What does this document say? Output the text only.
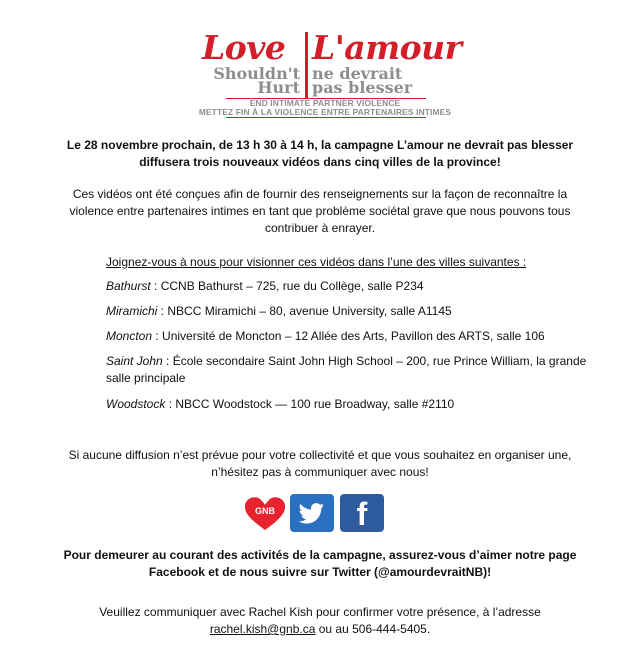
Love L'amour
Shouldn't
Hurt
ne devrait
pas blesser
END INTIMATE PARTNER VIOLENCE
METTEZ FIN À LA VIOLENCE ENTRE PARTENAIRES INTIMES

Le 28 novembre prochain, de 13 h 30 à 14 h, la campagne L’amour ne devrait pas blesser
diffusera trois nouveaux vidéos dans cinq villes de la province!

Ces vidéos ont été conçues afin de fournir des renseignements sur la façon de reconnaître la
violence entre partenaires intimes en tant que problème sociétal grave que nous pouvons tous
contribuer à enrayer.

Joignez-vous à nous pour visionner ces vidéos dans l’une des villes suivantes :

Bathurst : CCNB Bathurst – 725, rue du Collège, salle P234

Miramichi : NBCC Miramichi – 80, avenue University, salle A1145

Moncton : Université de Moncton – 12 Allée des Arts, Pavillon des ARTS, salle 106

Saint John : École secondaire Saint John High School – 200, rue Prince William, la grande
salle principale

Woodstock : NBCC Woodstock — 100 rue Broadway, salle #2110

Si aucune diffusion n’est prévue pour votre collectivité et que vous souhaitez en organiser une,
n’hésitez pas à communiquer avec nous!

GNB	f

Pour demeurer au courant des activités de la campagne, assurez-vous d’aimer notre page
Facebook et de nous suivre sur Twitter (@amourdevraitNB)!

Veuillez communiquer avec Rachel Kish pour confirmer votre présence, à l’adresse
rachel.kish@gnb.ca ou au 506-444-5405.
